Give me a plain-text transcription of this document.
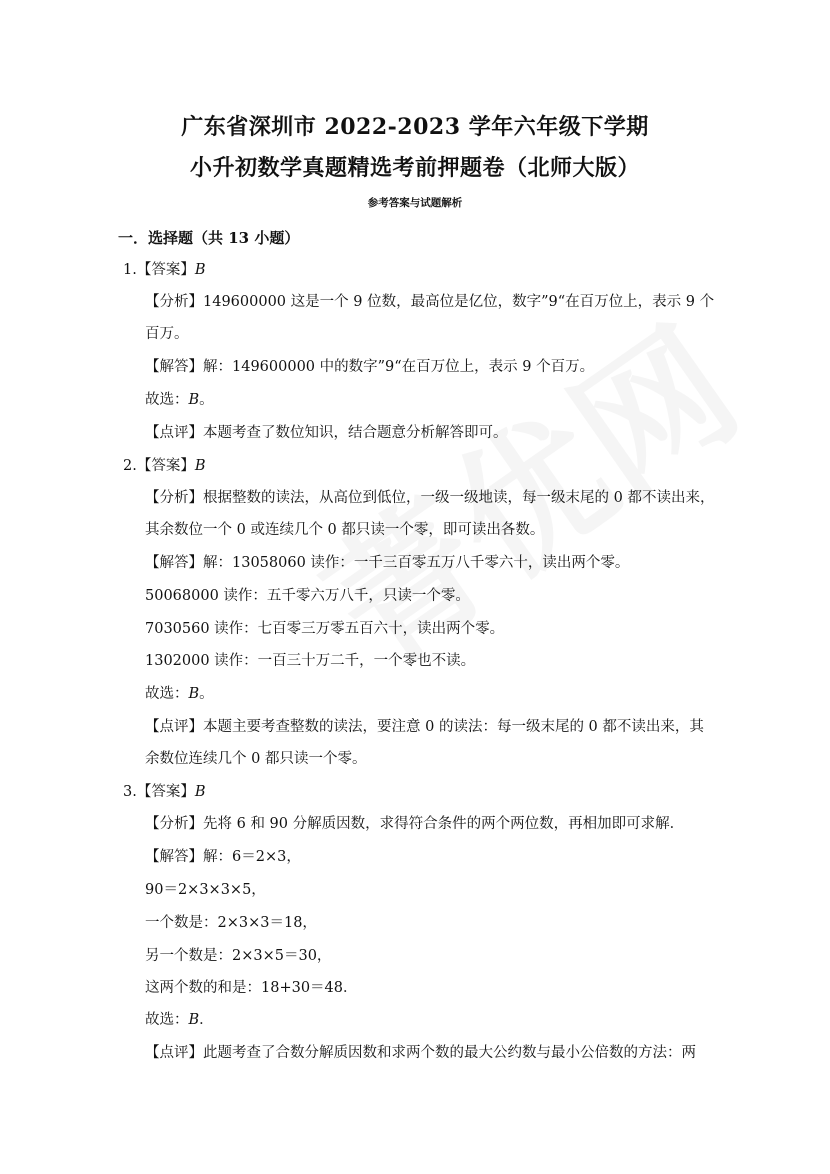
广东省深圳市 2022-2023 学年六年级下学期
小升初数学真题精选考前押题卷（北师大版）
参考答案与试题解析
一．选择题（共 13 小题）
1.【答案】B
【分析】149600000 这是一个 9 位数，最高位是亿位，数字”9“在百万位上，表示 9 个
百万。
【解答】解：149600000 中的数字”9“在百万位上，表示 9 个百万。
故选：B。
【点评】本题考查了数位知识，结合题意分析解答即可。
2.【答案】B
【分析】根据整数的读法，从高位到低位，一级一级地读，每一级末尾的 0 都不读出来，
其余数位一个 0 或连续几个 0 都只读一个零，即可读出各数。
【解答】解：13058060 读作：一千三百零五万八千零六十，读出两个零。
50068000 读作：五千零六万八千，只读一个零。
7030560 读作：七百零三万零五百六十，读出两个零。
1302000 读作：一百三十万二千，一个零也不读。
故选：B。
【点评】本题主要考查整数的读法，要注意 0 的读法：每一级末尾的 0 都不读出来，其
余数位连续几个 0 都只读一个零。
3.【答案】B
【分析】先将 6 和 90 分解质因数，求得符合条件的两个两位数，再相加即可求解．
【解答】解：6＝2×3，
90＝2×3×3×5，
一个数是：2×3×3＝18，
另一个数是：2×3×5＝30，
这两个数的和是：18+30＝48．
故选：B．
【点评】此题考查了合数分解质因数和求两个数的最大公约数与最小公倍数的方法：两
